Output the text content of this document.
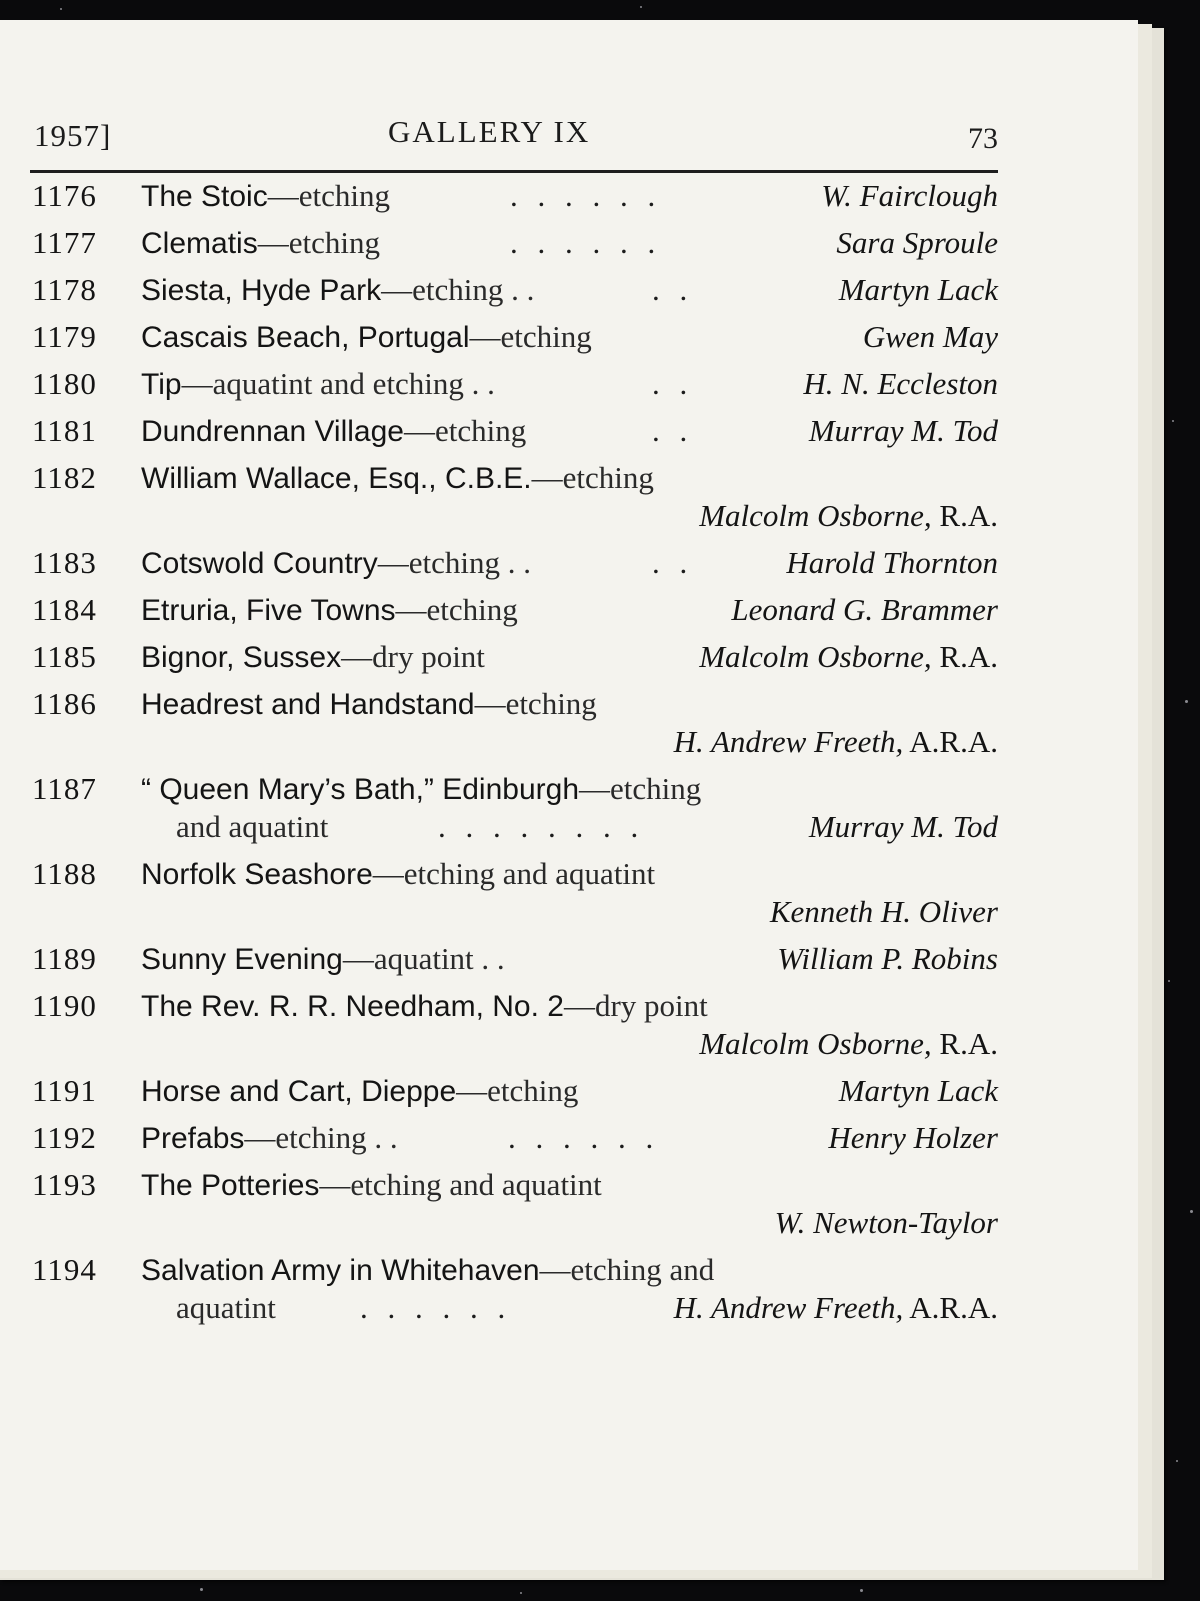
1957]	GALLERY IX	73
1176 The Stoic—etching	. . . . . .	W. Fairclough
1177 Clematis—etching	. . . . . .	Sara Sproule
1178 Siesta, Hyde Park—etching . .	. .	Martyn Lack
1179 Cascais Beach, Portugal—etching	Gwen May
1180 Tip—aquatint and etching . .	. .	H. N. Eccleston
1181 Dundrennan Village—etching	. .	Murray M. Tod
1182 William Wallace, Esq., C.B.E.—etching
Malcolm Osborne, R.A.
1183 Cotswold Country—etching . .	. .	Harold Thornton
1184 Etruria, Five Towns—etching	Leonard G. Brammer
1185 Bignor, Sussex—dry point	Malcolm Osborne, R.A.
1186 Headrest and Handstand—etching
H. Andrew Freeth, A.R.A.
1187 “ Queen Mary’s Bath,” Edinburgh—etching
and aquatint	. . . . . . . .	Murray M. Tod
1188 Norfolk Seashore—etching and aquatint
Kenneth H. Oliver
1189 Sunny Evening—aquatint . .	William P. Robins
1190 The Rev. R. R. Needham, No. 2—dry point
Malcolm Osborne, R.A.
1191 Horse and Cart, Dieppe—etching	Martyn Lack
1192 Prefabs—etching . .	. . . . . .	Henry Holzer
1193 The Potteries—etching and aquatint
W. Newton-Taylor
1194 Salvation Army in Whitehaven—etching and
aquatint	. . . . . .	H. Andrew Freeth, A.R.A.
